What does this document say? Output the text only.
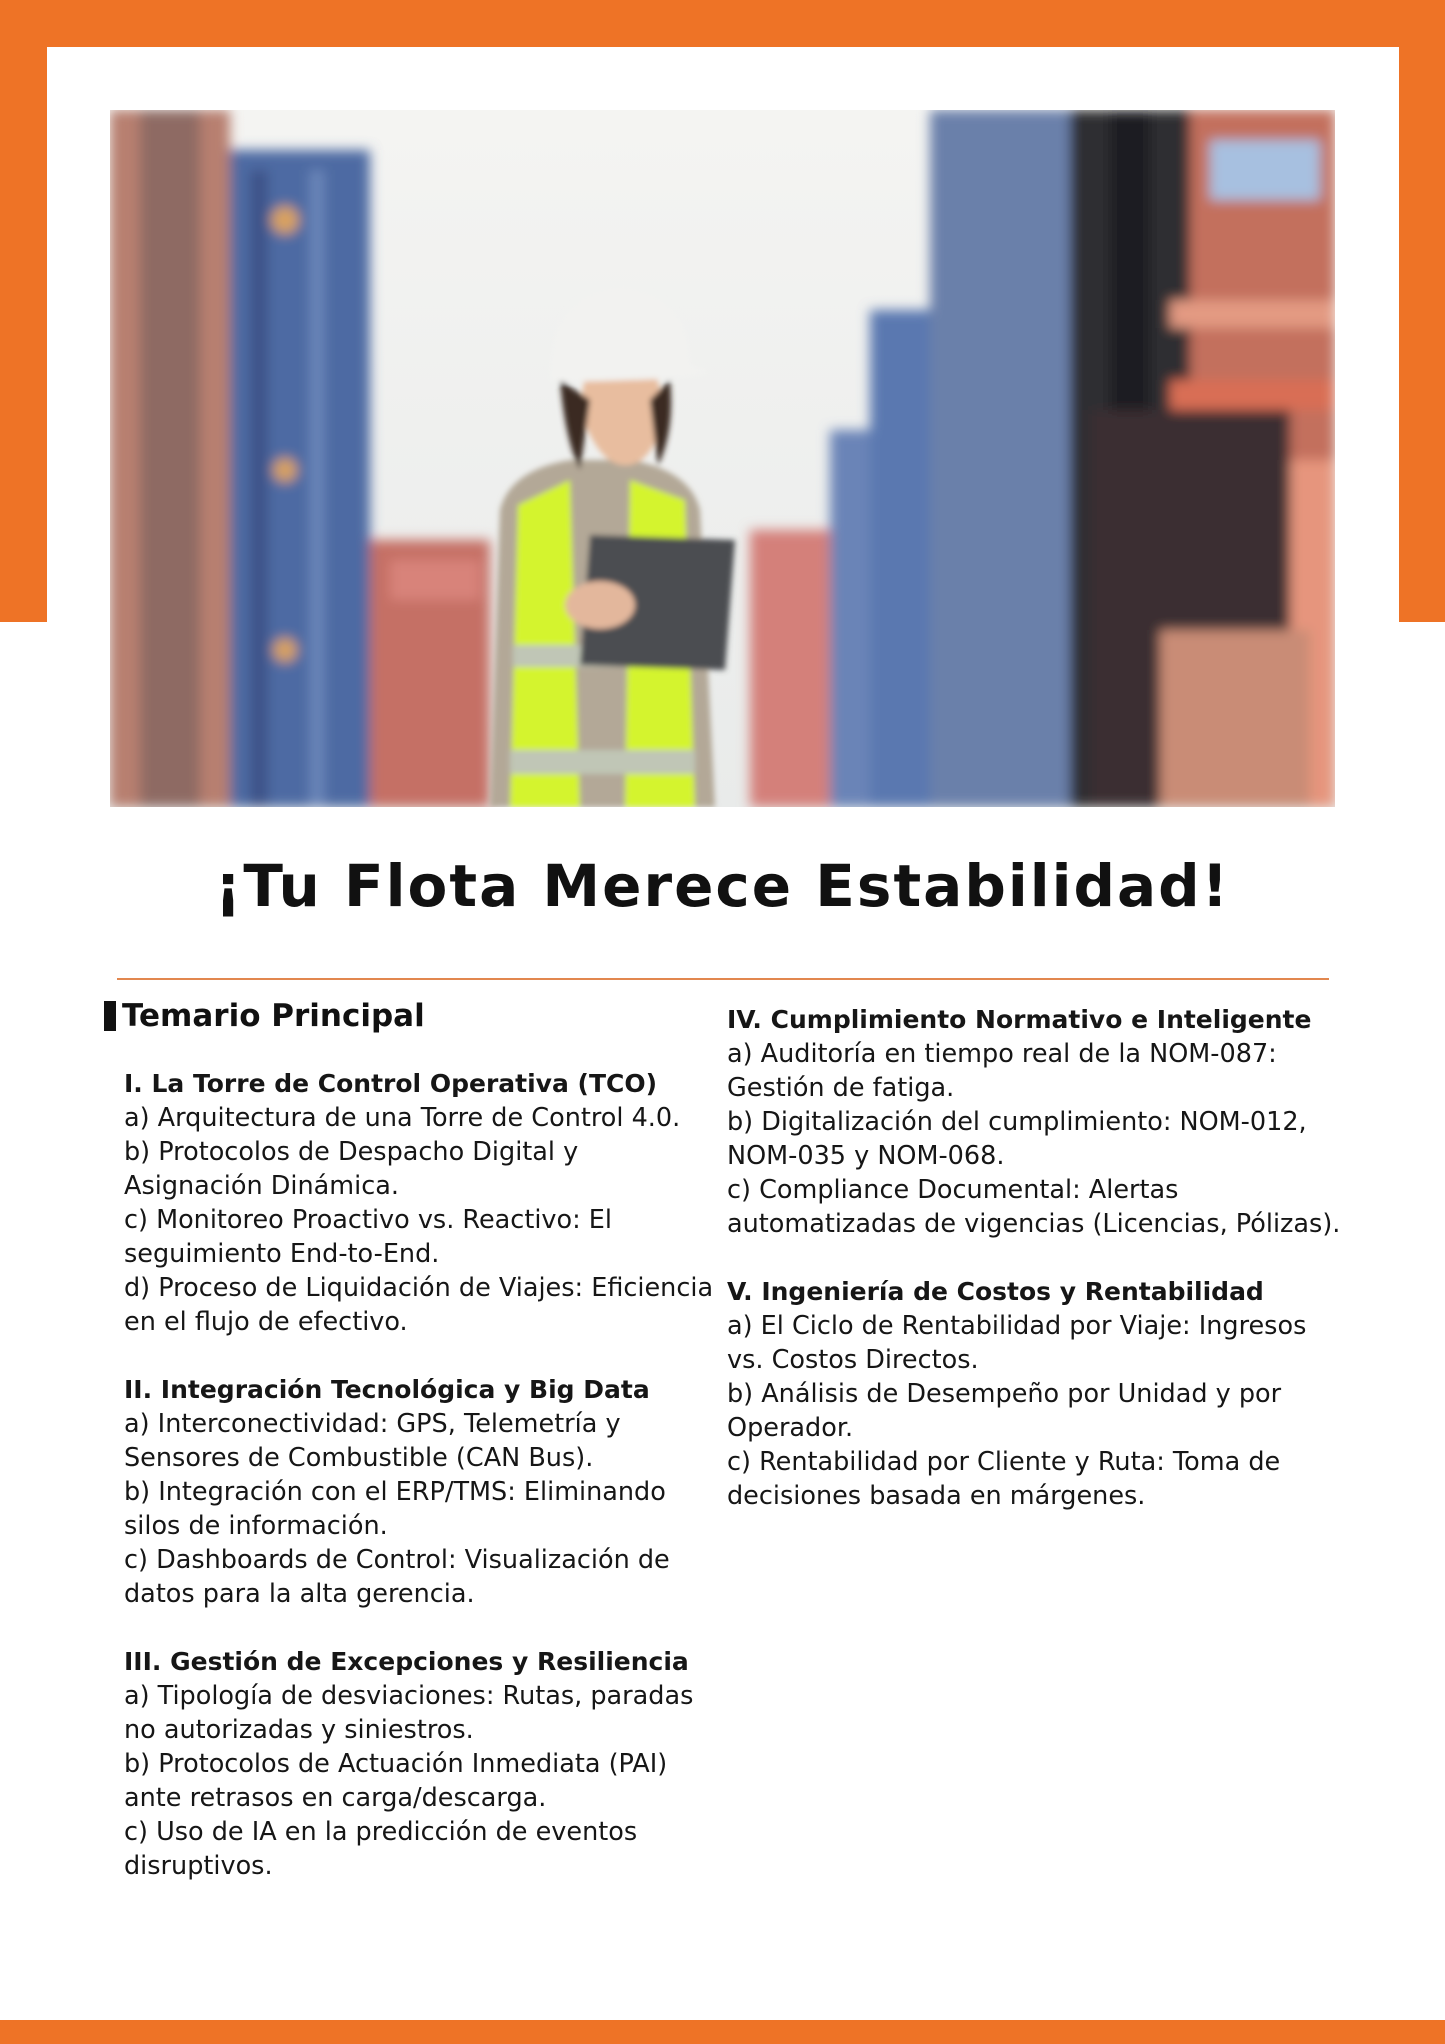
¡Tu Flota Merece Estabilidad!
Temario Principal
I. La Torre de Control Operativa (TCO)
a) Arquitectura de una Torre de Control 4.0.
b) Protocolos de Despacho Digital y Asignación Dinámica.
c) Monitoreo Proactivo vs. Reactivo: El seguimiento End-to-End.
d) Proceso de Liquidación de Viajes: Eficiencia en el flujo de efectivo.
II. Integración Tecnológica y Big Data
a) Interconectividad: GPS, Telemetría y Sensores de Combustible (CAN Bus).
b) Integración con el ERP/TMS: Eliminando silos de información.
c) Dashboards de Control: Visualización de datos para la alta gerencia.
III. Gestión de Excepciones y Resiliencia
a) Tipología de desviaciones: Rutas, paradas no autorizadas y siniestros.
b) Protocolos de Actuación Inmediata (PAI) ante retrasos en carga/descarga.
c) Uso de IA en la predicción de eventos disruptivos.
IV. Cumplimiento Normativo e Inteligente
a) Auditoría en tiempo real de la NOM-087: Gestión de fatiga.
b) Digitalización del cumplimiento: NOM-012, NOM-035 y NOM-068.
c) Compliance Documental: Alertas automatizadas de vigencias (Licencias, Pólizas).
V. Ingeniería de Costos y Rentabilidad
a) El Ciclo de Rentabilidad por Viaje: Ingresos vs. Costos Directos.
b) Análisis de Desempeño por Unidad y por Operador.
c) Rentabilidad por Cliente y Ruta: Toma de decisiones basada en márgenes.
